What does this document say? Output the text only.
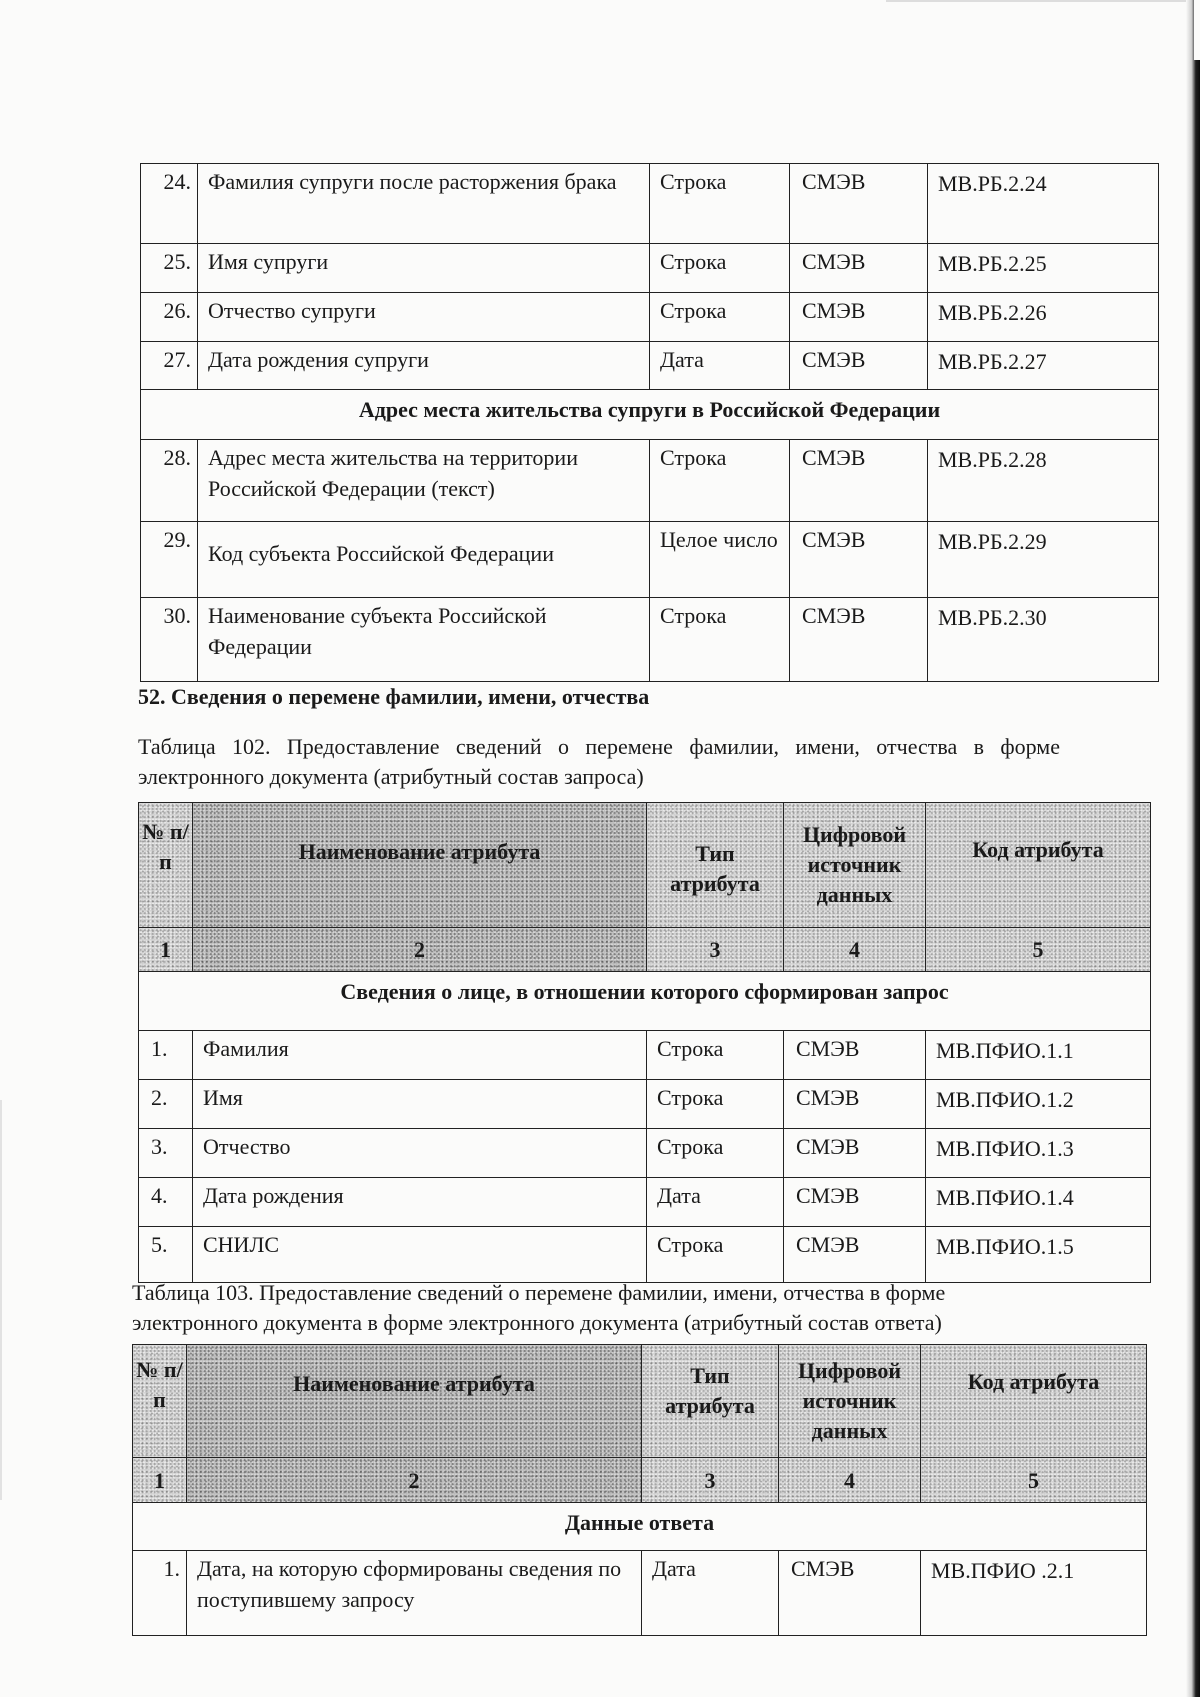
24.	Фамилия супруги после расторжения брака	Строка	СМЭВ	МВ.РБ.2.24
25.	Имя супруги	Строка	СМЭВ	МВ.РБ.2.25
26.	Отчество супруги	Строка	СМЭВ	МВ.РБ.2.26
27.	Дата рождения супруги	Дата	СМЭВ	МВ.РБ.2.27
Адрес места жительства супруги в Российской Федерации				
28.	Адрес места жительства на территории Российской Федерации (текст)	Строка	СМЭВ	МВ.РБ.2.28
29.	Код субъекта Российской Федерации	Целое число	СМЭВ	МВ.РБ.2.29
30.	Наименование субъекта Российской Федерации	Строка	СМЭВ	МВ.РБ.2.30
52. Сведения о перемене фамилии, имени, отчества
Таблица 102. Предоставление сведений о перемене фамилии, имени, отчества в форме электронного документа (атрибутный состав запроса)
№ п/п	Наименование атрибута	Тип атрибута	Цифровой источник данных	Код атрибута
1	2	3	4	5
Сведения о лице, в отношении которого сформирован запрос				
1.	Фамилия	Строка	СМЭВ	МВ.ПФИО.1.1
2.	Имя	Строка	СМЭВ	МВ.ПФИО.1.2
3.	Отчество	Строка	СМЭВ	МВ.ПФИО.1.3
4.	Дата рождения	Дата	СМЭВ	МВ.ПФИО.1.4
5.	СНИЛС	Строка	СМЭВ	МВ.ПФИО.1.5
Таблица 103. Предоставление сведений о перемене фамилии, имени, отчества в форме электронного документа в форме электронного документа (атрибутный состав ответа)
№ п/п	Наименование атрибута	Тип атрибута	Цифровой источник данных	Код атрибута
1	2	3	4	5
Данные ответа				
1.	Дата, на которую сформированы сведения по поступившему запросу	Дата	СМЭВ	МВ.ПФИО .2.1
